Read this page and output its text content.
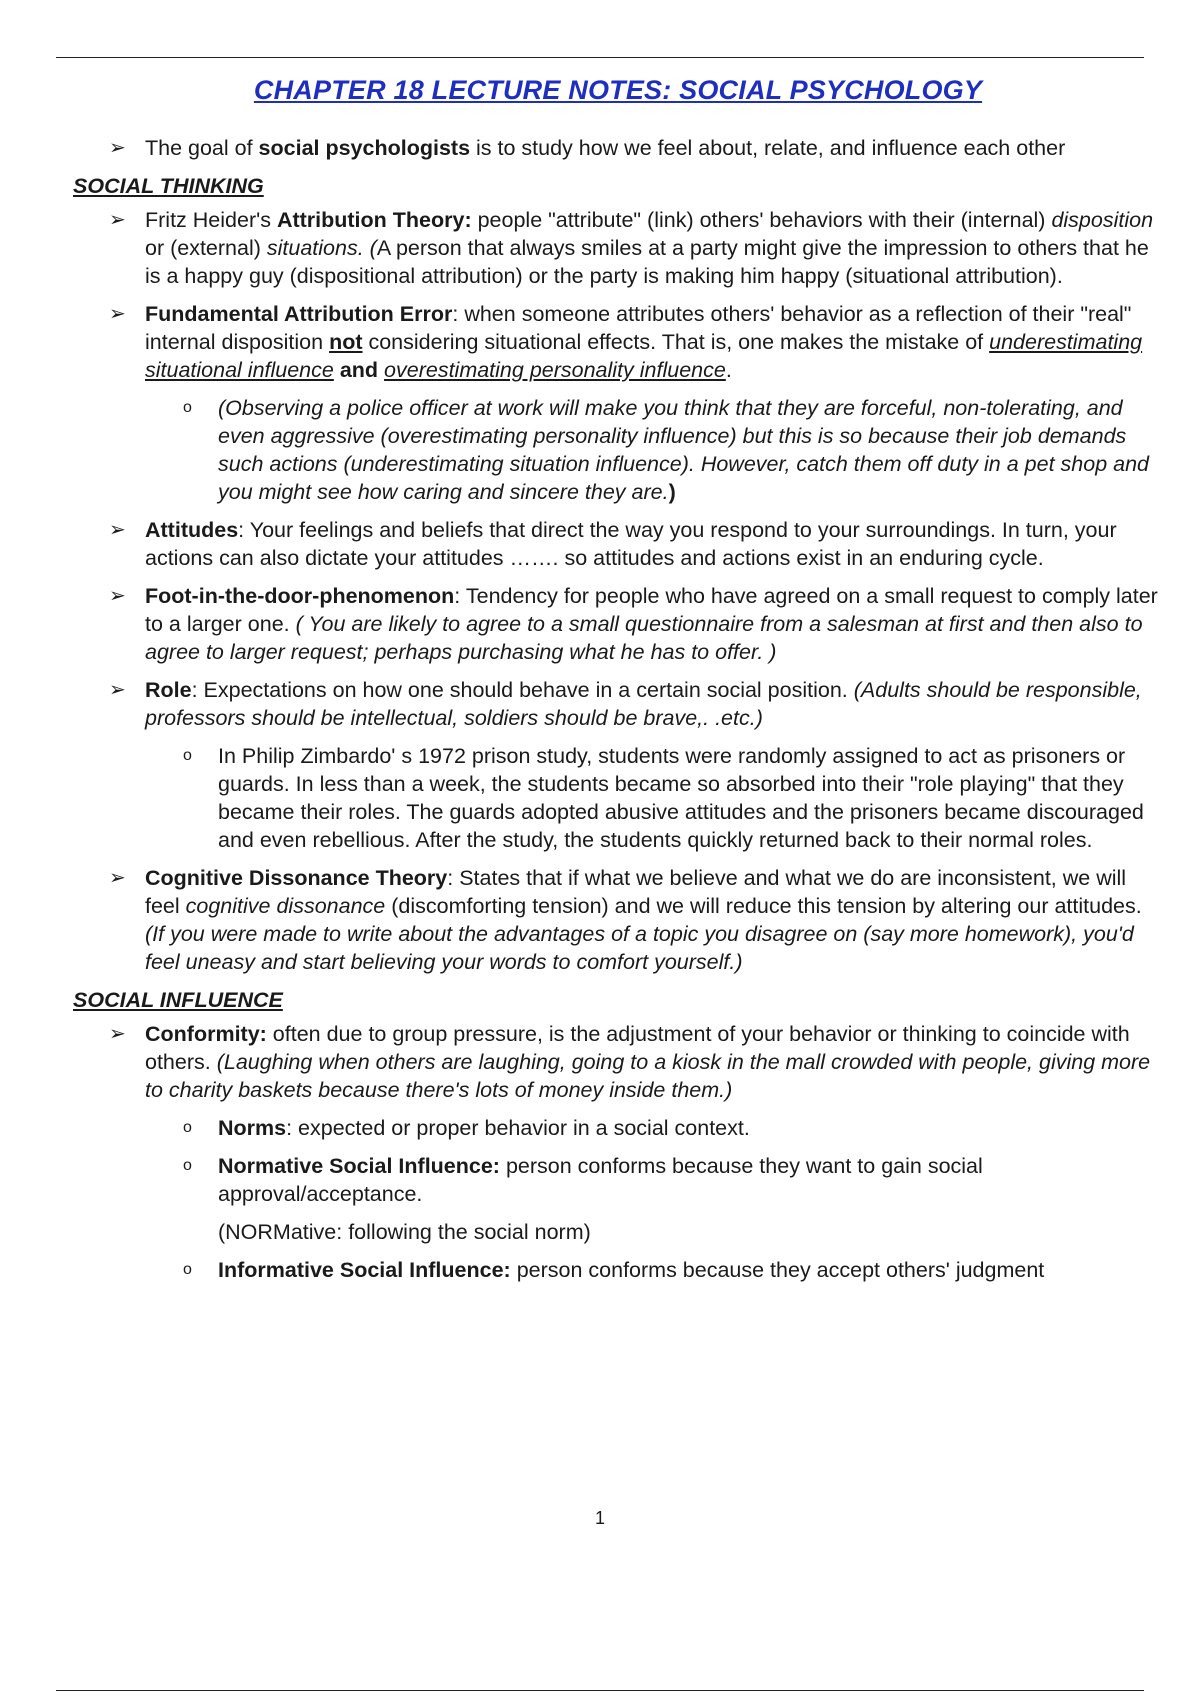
CHAPTER 18 LECTURE NOTES: SOCIAL PSYCHOLOGY
➢ The goal of social psychologists is to study how we feel about, relate, and influence each other
SOCIAL THINKING
➢ Fritz Heider's Attribution Theory: people "attribute" (link) others' behaviors with their (internal) disposition or (external) situations. (A person that always smiles at a party might give the impression to others that he is a happy guy (dispositional attribution) or the party is making him happy (situational attribution).
➢ Fundamental Attribution Error: when someone attributes others' behavior as a reflection of their "real" internal disposition not considering situational effects. That is, one makes the mistake of underestimating situational influence and overestimating personality influence.
o (Observing a police officer at work will make you think that they are forceful, non-tolerating, and even aggressive (overestimating personality influence) but this is so because their job demands such actions (underestimating situation influence). However, catch them off duty in a pet shop and you might see how caring and sincere they are.)
➢ Attitudes: Your feelings and beliefs that direct the way you respond to your surroundings. In turn, your actions can also dictate your attitudes ……. so attitudes and actions exist in an enduring cycle.
➢ Foot-in-the-door-phenomenon: Tendency for people who have agreed on a small request to comply later to a larger one. ( You are likely to agree to a small questionnaire from a salesman at first and then also to agree to larger request; perhaps purchasing what he has to offer. )
➢ Role: Expectations on how one should behave in a certain social position. (Adults should be responsible, professors should be intellectual, soldiers should be brave,. .etc.)
o In Philip Zimbardo' s 1972 prison study, students were randomly assigned to act as prisoners or guards. In less than a week, the students became so absorbed into their "role playing" that they became their roles. The guards adopted abusive attitudes and the prisoners became discouraged and even rebellious. After the study, the students quickly returned back to their normal roles.
➢ Cognitive Dissonance Theory: States that if what we believe and what we do are inconsistent, we will feel cognitive dissonance (discomforting tension) and we will reduce this tension by altering our attitudes. (If you were made to write about the advantages of a topic you disagree on (say more homework), you'd feel uneasy and start believing your words to comfort yourself.)
SOCIAL INFLUENCE
➢ Conformity: often due to group pressure, is the adjustment of your behavior or thinking to coincide with others. (Laughing when others are laughing, going to a kiosk in the mall crowded with people, giving more to charity baskets because there's lots of money inside them.)
o Norms: expected or proper behavior in a social context.
o Normative Social Influence: person conforms because they want to gain social approval/acceptance.
(NORMative: following the social norm)
o Informative Social Influence: person conforms because they accept others' judgment
1
